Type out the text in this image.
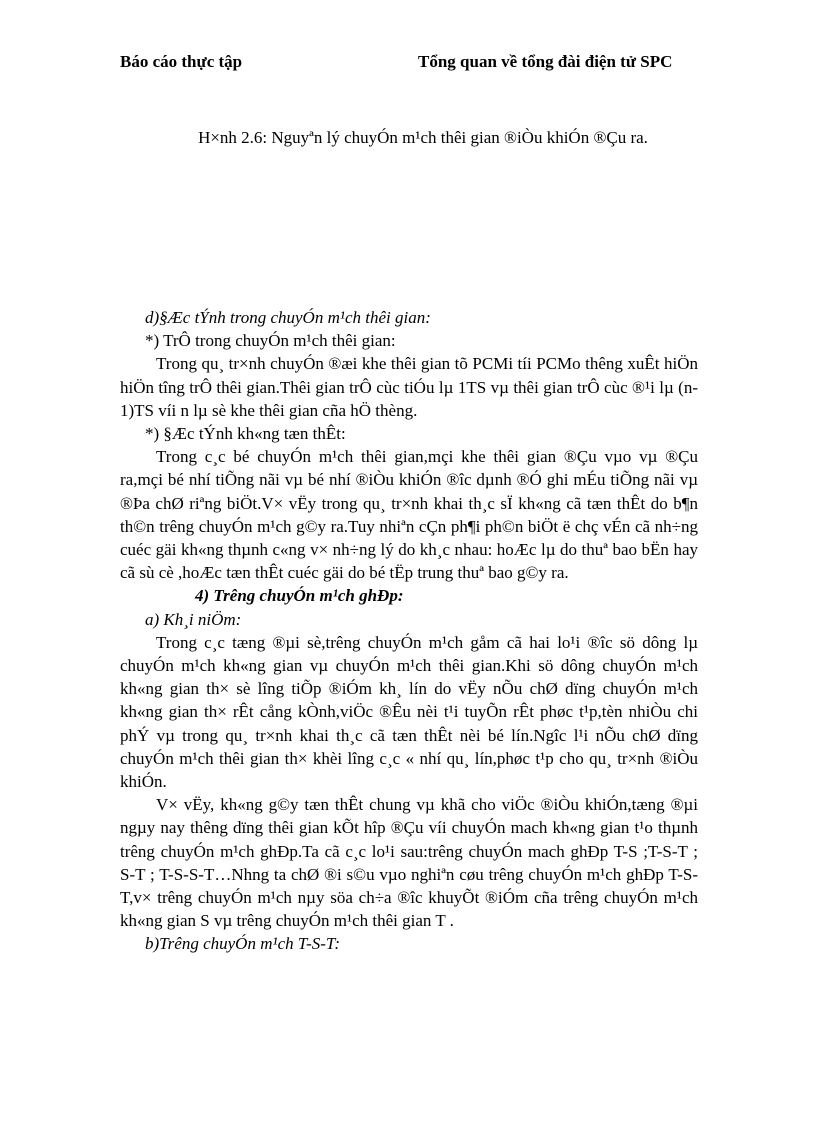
Báo cáo thực tập	Tổng quan về tổng đài điện tử SPC
H×nh 2.6: Nguyªn lý chuyÓn m¹ch thêi gian ®iÒu khiÓn ®Çu ra.

d)§Æc tÝnh trong chuyÓn m¹ch thêi gian:

*) TrÔ trong chuyÓn m¹ch thêi gian:

Trong qu¸ tr×nh chuyÓn ®æi khe thêi gian tõ PCMi tíi PCMo thêng xuÊt hiÖn hiÖn tîng trÔ thêi gian.Thêi gian trÔ cùc tiÓu lµ 1TS vµ thêi gian trÔ cùc ®¹i lµ (n-1)TS víi n lµ sè khe thêi gian cña hÖ thèng.

*) §Æc tÝnh kh«ng tæn thÊt:

Trong c¸c bé chuyÓn m¹ch thêi gian,mçi khe thêi gian ®Çu vµo vµ ®Çu ra,mçi bé nhí tiÕng nãi vµ bé nhí ®iÒu khiÓn ®îc dµnh ®Ó ghi mÉu tiÕng nãi vµ ®Þa chØ riªng biÖt.V× vËy trong qu¸ tr×nh khai th¸c sÏ kh«ng cã tæn thÊt do b¶n th©n trêng chuyÓn m¹ch g©y ra.Tuy nhiªn cÇn ph¶i ph©n biÖt ë chç vÉn cã nh÷ng cuéc gäi kh«ng thµnh c«ng v× nh÷ng lý do kh¸c nhau: hoÆc lµ do thuª bao bËn hay cã sù cè ,hoÆc tæn thÊt cuéc gäi do bé tËp trung thuª bao g©y ra.

4) Trêng chuyÓn m¹ch ghÐp:

a) Kh¸i niÖm:

Trong c¸c tæng ®µi sè,trêng chuyÓn m¹ch gåm cã hai lo¹i ®îc sö dông lµ chuyÓn m¹ch kh«ng gian vµ chuyÓn m¹ch thêi gian.Khi sö dông chuyÓn m¹ch kh«ng gian th× sè lîng tiÕp ®iÓm kh¸ lín do vËy nÕu chØ dïng chuyÓn m¹ch kh«ng gian th× rÊt cång kÒnh,viÖc ®Êu nèi t¹i tuyÕn rÊt phøc t¹p,tèn nhiÒu chi phÝ vµ trong qu¸ tr×nh khai th¸c cã tæn thÊt nèi bé lín.Ngîc l¹i nÕu chØ dïng chuyÓn m¹ch thêi gian th× khèi lîng c¸c « nhí qu¸ lín,phøc t¹p cho qu¸ tr×nh ®iÒu khiÓn.

V× vËy, kh«ng g©y tæn thÊt chung vµ khã cho viÖc ®iÒu khiÓn,tæng ®µi ngµy nay thêng dïng thêi gian kÕt hîp ®Çu víi chuyÓn mach kh«ng gian t¹o thµnh trêng chuyÓn m¹ch ghÐp.Ta cã c¸c lo¹i sau:trêng chuyÓn mach ghÐp T-S ;T-S-T ; S-T ; T-S-S-T…Nhng ta chØ ®i s©u vµo nghiªn cøu trêng chuyÓn m¹ch ghÐp T-S-T,v× trêng chuyÓn m¹ch nµy söa ch÷a ®îc khuyÕt ®iÓm cña trêng chuyÓn m¹ch kh«ng gian S vµ trêng chuyÓn m¹ch thêi gian T .

b)Trêng chuyÓn m¹ch T-S-T:
